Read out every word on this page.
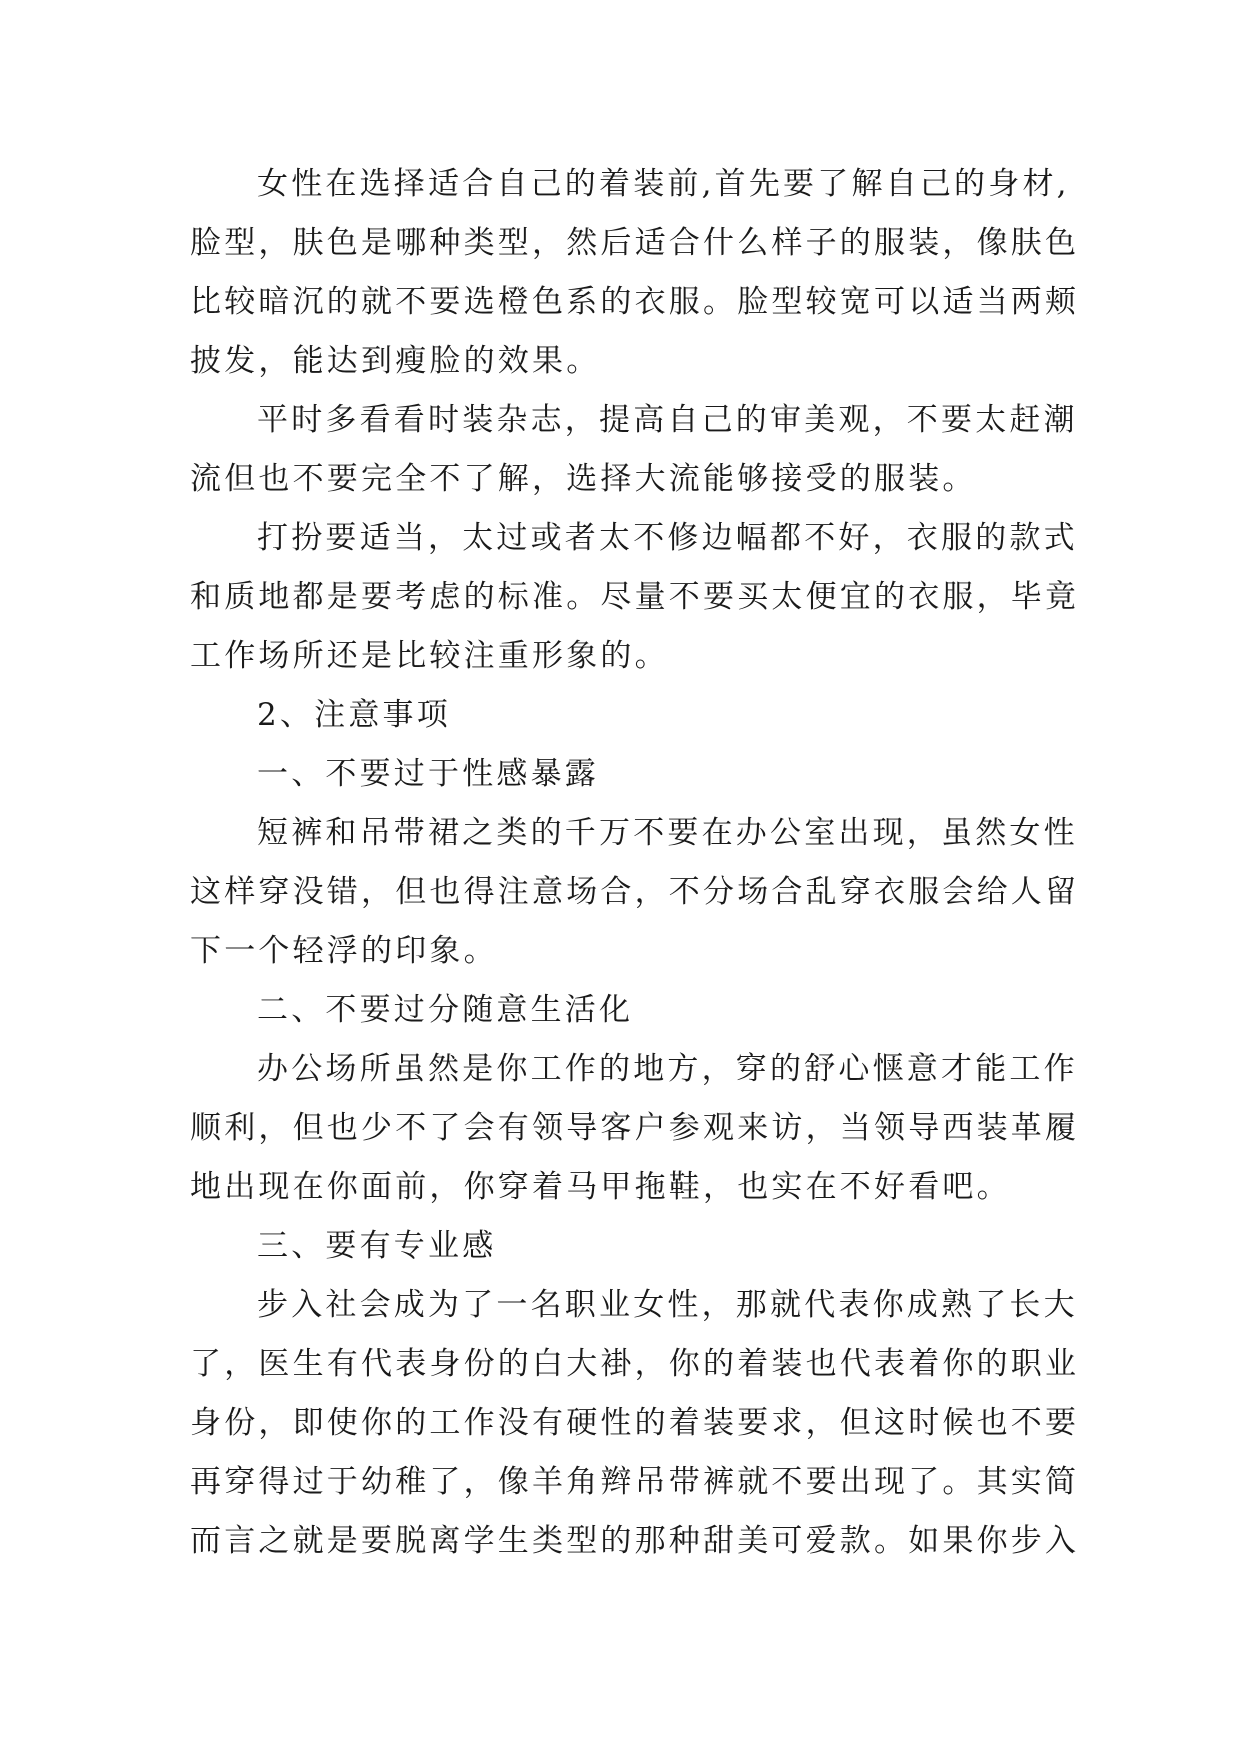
女性在选择适合自己的着装前,首先要了解自己的身材,
脸型，肤色是哪种类型，然后适合什么样子的服装，像肤色
比较暗沉的就不要选橙色系的衣服。脸型较宽可以适当两颊
披发，能达到瘦脸的效果。
平时多看看时装杂志，提高自己的审美观，不要太赶潮
流但也不要完全不了解，选择大流能够接受的服装。
打扮要适当，太过或者太不修边幅都不好，衣服的款式
和质地都是要考虑的标准。尽量不要买太便宜的衣服，毕竟
工作场所还是比较注重形象的。
2、注意事项
一、不要过于性感暴露
短裤和吊带裙之类的千万不要在办公室出现，虽然女性
这样穿没错，但也得注意场合，不分场合乱穿衣服会给人留
下一个轻浮的印象。
二、不要过分随意生活化
办公场所虽然是你工作的地方，穿的舒心惬意才能工作
顺利，但也少不了会有领导客户参观来访，当领导西装革履
地出现在你面前，你穿着马甲拖鞋，也实在不好看吧。
三、要有专业感
步入社会成为了一名职业女性，那就代表你成熟了长大
了，医生有代表身份的白大褂，你的着装也代表着你的职业
身份，即使你的工作没有硬性的着装要求，但这时候也不要
再穿得过于幼稚了，像羊角辫吊带裤就不要出现了。其实简
而言之就是要脱离学生类型的那种甜美可爱款。如果你步入
